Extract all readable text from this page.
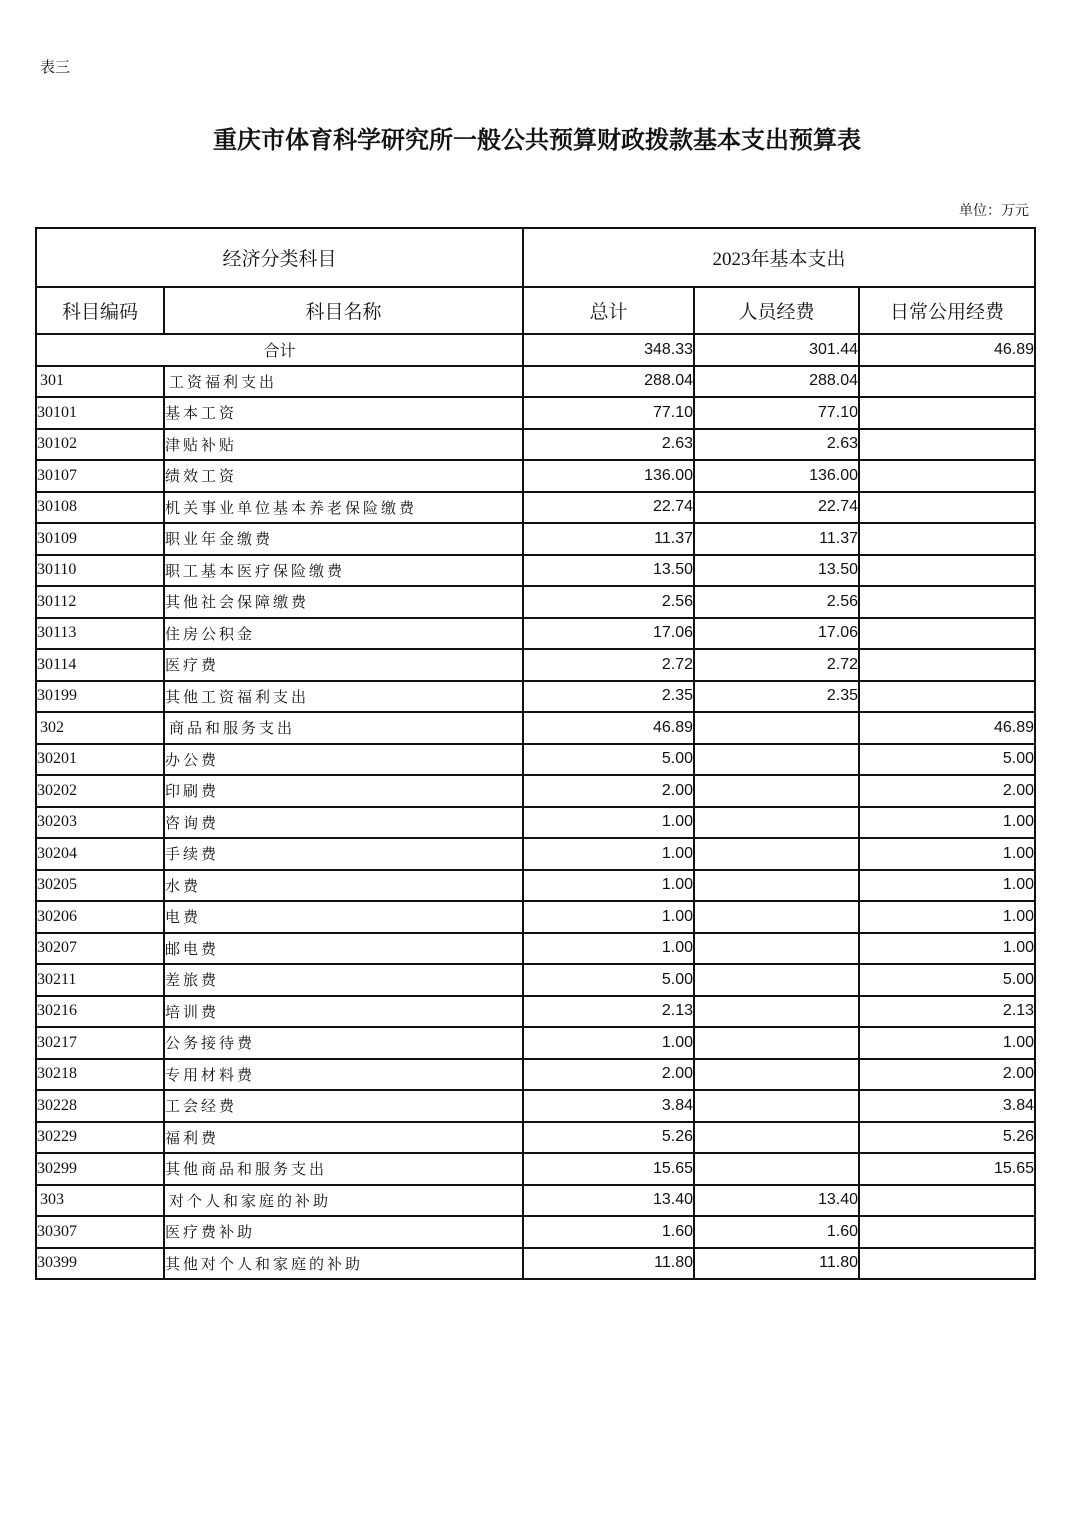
表三
重庆市体育科学研究所一般公共预算财政拨款基本支出预算表
单位：万元
经济分类科目		2023年基本支出		
科目编码	科目名称	总计	人员经费	日常公用经费
合计		348.33	301.44	46.89
301	工资福利支出	288.04	288.04	
30101	基本工资	77.10	77.10	
30102	津贴补贴	2.63	2.63	
30107	绩效工资	136.00	136.00	
30108	机关事业单位基本养老保险缴费	22.74	22.74	
30109	职业年金缴费	11.37	11.37	
30110	职工基本医疗保险缴费	13.50	13.50	
30112	其他社会保障缴费	2.56	2.56	
30113	住房公积金	17.06	17.06	
30114	医疗费	2.72	2.72	
30199	其他工资福利支出	2.35	2.35	
302	商品和服务支出	46.89		46.89
30201	办公费	5.00		5.00
30202	印刷费	2.00		2.00
30203	咨询费	1.00		1.00
30204	手续费	1.00		1.00
30205	水费	1.00		1.00
30206	电费	1.00		1.00
30207	邮电费	1.00		1.00
30211	差旅费	5.00		5.00
30216	培训费	2.13		2.13
30217	公务接待费	1.00		1.00
30218	专用材料费	2.00		2.00
30228	工会经费	3.84		3.84
30229	福利费	5.26		5.26
30299	其他商品和服务支出	15.65		15.65
303	对个人和家庭的补助	13.40	13.40	
30307	医疗费补助	1.60	1.60	
30399	其他对个人和家庭的补助	11.80	11.80	
